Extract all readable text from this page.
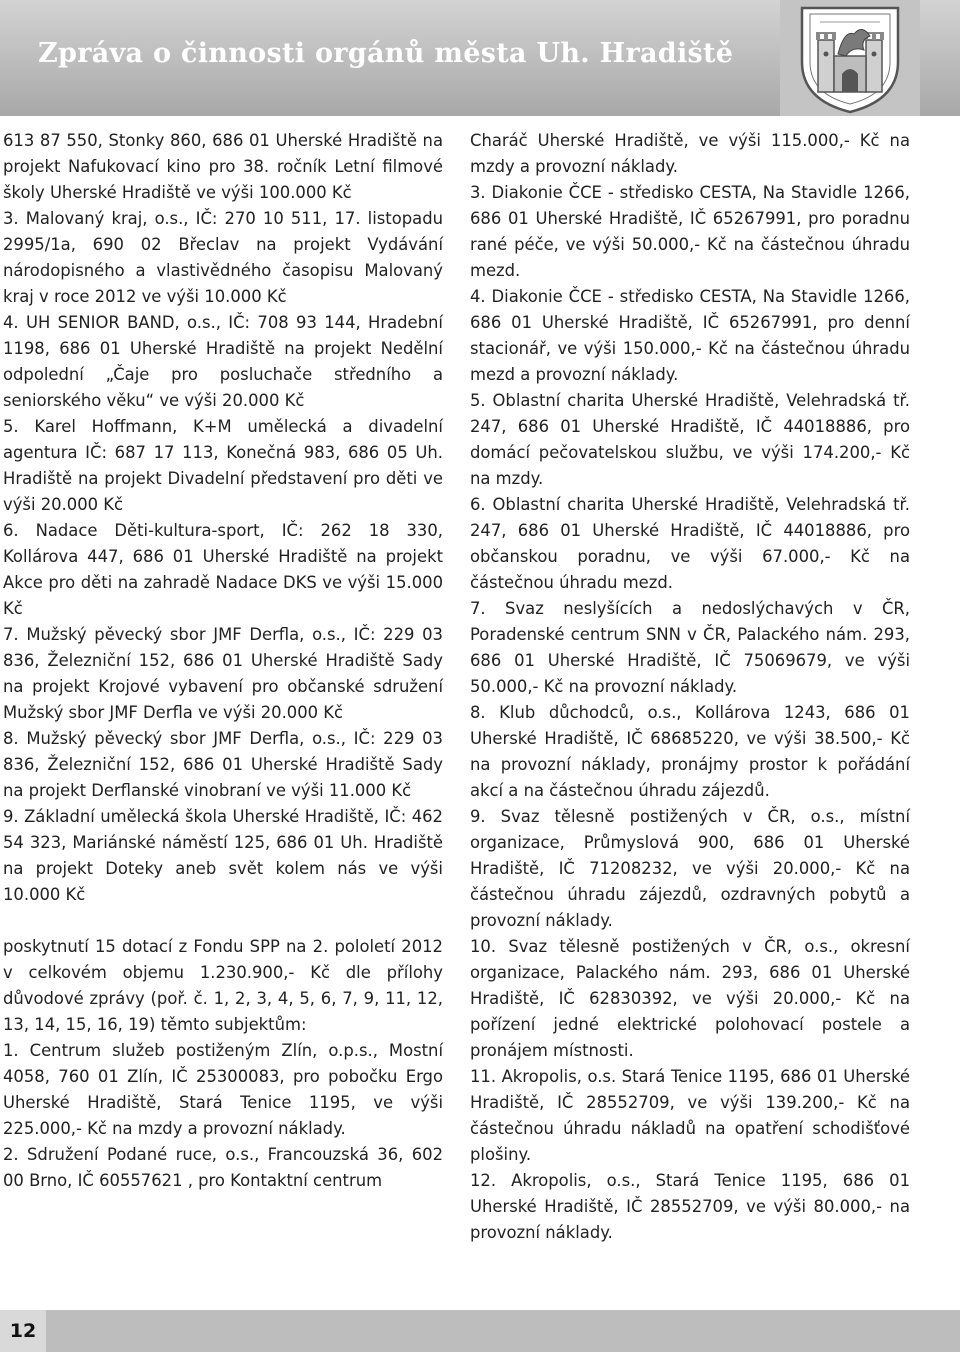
Zpráva o činnosti orgánů města Uh. Hradiště

613 87 550, Stonky 860, 686 01 Uherské Hradiště na projekt Nafukovací kino pro 38. ročník Letní filmové školy Uherské Hradiště ve výši 100.000 Kč

3. Malovaný kraj, o.s., IČ: 270 10 511, 17. listopadu 2995/1a, 690 02 Břeclav na projekt Vydávání národopisného a vlastivědného časopisu Malovaný kraj v roce 2012 ve výši 10.000 Kč

4. UH SENIOR BAND, o.s., IČ: 708 93 144, Hradební 1198, 686 01 Uherské Hradiště na projekt Nedělní odpolední „Čaje pro posluchače středního a seniorského věku“ ve výši 20.000 Kč

5. Karel Hoffmann, K+M umělecká a divadelní agentura IČ: 687 17 113, Konečná 983, 686 05 Uh. Hradiště na projekt Divadelní představení pro děti ve výši 20.000 Kč

6. Nadace Děti-kultura-sport, IČ: 262 18 330, Kollárova 447, 686 01 Uherské Hradiště na projekt Akce pro děti na zahradě Nadace DKS ve výši 15.000 Kč

7. Mužský pěvecký sbor JMF Derfla, o.s., IČ: 229 03 836, Železniční 152, 686 01 Uherské Hradiště Sady na projekt Krojové vybavení pro občanské sdružení Mužský sbor JMF Derfla ve výši 20.000 Kč

8. Mužský pěvecký sbor JMF Derfla, o.s., IČ: 229 03 836, Železniční 152, 686 01 Uherské Hradiště Sady na projekt Derflanské vinobraní ve výši 11.000 Kč

9. Základní umělecká škola Uherské Hradiště, IČ: 462 54 323, Mariánské náměstí 125, 686 01 Uh. Hradiště na projekt Doteky aneb svět kolem nás ve výši 10.000 Kč

poskytnutí 15 dotací z Fondu SPP na 2. pololetí 2012 v celkovém objemu 1.230.900,- Kč dle přílohy důvodové zprávy (poř. č. 1, 2, 3, 4, 5, 6, 7, 9, 11, 12, 13, 14, 15, 16, 19) těmto subjektům:

1. Centrum služeb postiženým Zlín, o.p.s., Mostní 4058, 760 01 Zlín, IČ 25300083, pro pobočku Ergo Uherské Hradiště, Stará Tenice 1195, ve výši 225.000,- Kč na mzdy a provozní náklady.

2. Sdružení Podané ruce, o.s., Francouzská 36, 602 00 Brno, IČ 60557621 , pro Kontaktní centrum

Charáč Uherské Hradiště, ve výši 115.000,- Kč na mzdy a provozní náklady.

3. Diakonie ČCE - středisko CESTA, Na Stavidle 1266, 686 01 Uherské Hradiště, IČ 65267991, pro poradnu rané péče, ve výši 50.000,- Kč na částečnou úhradu mezd.

4. Diakonie ČCE - středisko CESTA, Na Stavidle 1266, 686 01 Uherské Hradiště, IČ 65267991, pro denní stacionář, ve výši 150.000,- Kč na částečnou úhradu mezd a provozní náklady.

5. Oblastní charita Uherské Hradiště, Velehradská tř. 247, 686 01 Uherské Hradiště, IČ 44018886, pro domácí pečovatelskou službu, ve výši 174.200,- Kč na mzdy.

6. Oblastní charita Uherské Hradiště, Velehradská tř. 247, 686 01 Uherské Hradiště, IČ 44018886, pro občanskou poradnu, ve výši 67.000,- Kč na částečnou úhradu mezd.

7. Svaz neslyšících a nedoslýchavých v ČR, Poradenské centrum SNN v ČR, Palackého nám. 293, 686 01 Uherské Hradiště, IČ 75069679, ve výši 50.000,- Kč na provozní náklady.

8. Klub důchodců, o.s., Kollárova 1243, 686 01 Uherské Hradiště, IČ 68685220, ve výši 38.500,- Kč na provozní náklady, pronájmy prostor k pořádání akcí a na částečnou úhradu zájezdů.

9. Svaz tělesně postižených v ČR, o.s., místní organizace, Průmyslová 900, 686 01 Uherské Hradiště, IČ 71208232, ve výši 20.000,- Kč na částečnou úhradu zájezdů, ozdravných pobytů a provozní náklady.

10. Svaz tělesně postižených v ČR, o.s., okresní organizace, Palackého nám. 293, 686 01 Uherské Hradiště, IČ 62830392, ve výši 20.000,- Kč na pořízení jedné elektrické polohovací postele a pronájem místnosti.

11. Akropolis, o.s. Stará Tenice 1195, 686 01 Uherské Hradiště, IČ 28552709, ve výši 139.200,- Kč na částečnou úhradu nákladů na opatření schodišťové plošiny.

12. Akropolis, o.s., Stará Tenice 1195, 686 01 Uherské Hradiště, IČ 28552709, ve výši 80.000,- na provozní náklady.

12
